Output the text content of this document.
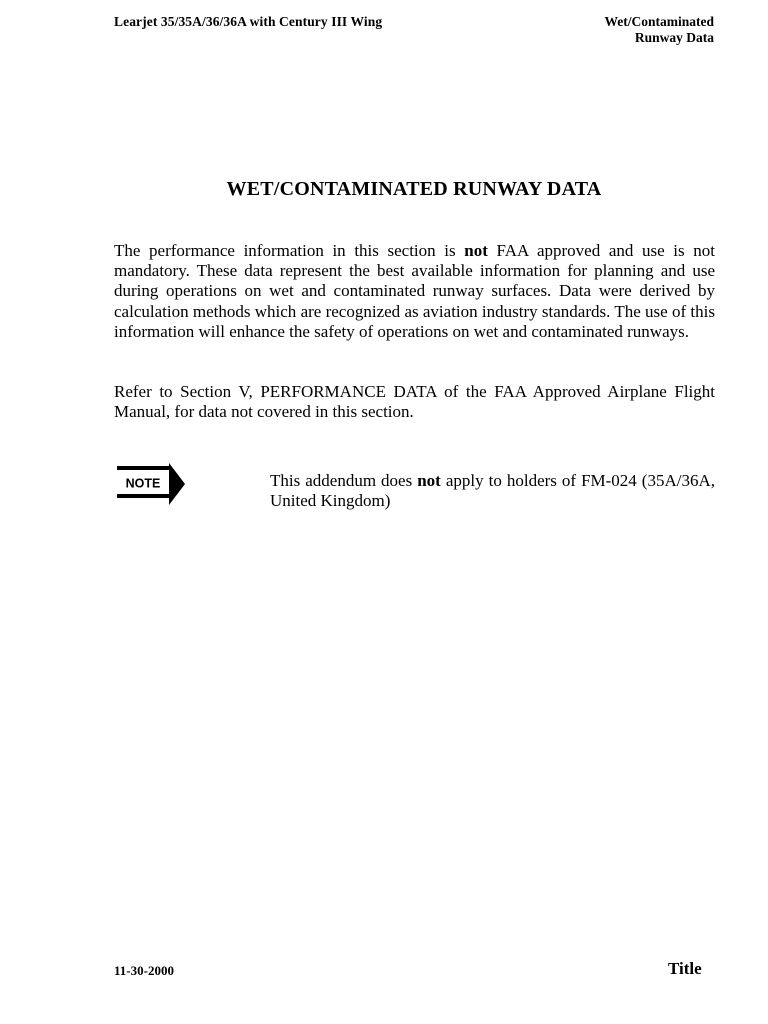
Learjet 35/35A/36/36A with Century III Wing	Wet/Contaminated
Runway Data
WET/CONTAMINATED RUNWAY DATA
The performance information in this section is not FAA approved and use is not mandatory. These data represent the best available information for planning and use during operations on wet and contaminated runway surfaces. Data were derived by calculation methods which are recognized as aviation industry standards. The use of this information will enhance the safety of operations on wet and contaminated runways.
Refer to Section V, PERFORMANCE DATA of the FAA Approved Airplane Flight Manual, for data not covered in this section.
NOTE	This addendum does not apply to holders of FM-024 (35A/36A, United Kingdom)
11-30-2000	Title
